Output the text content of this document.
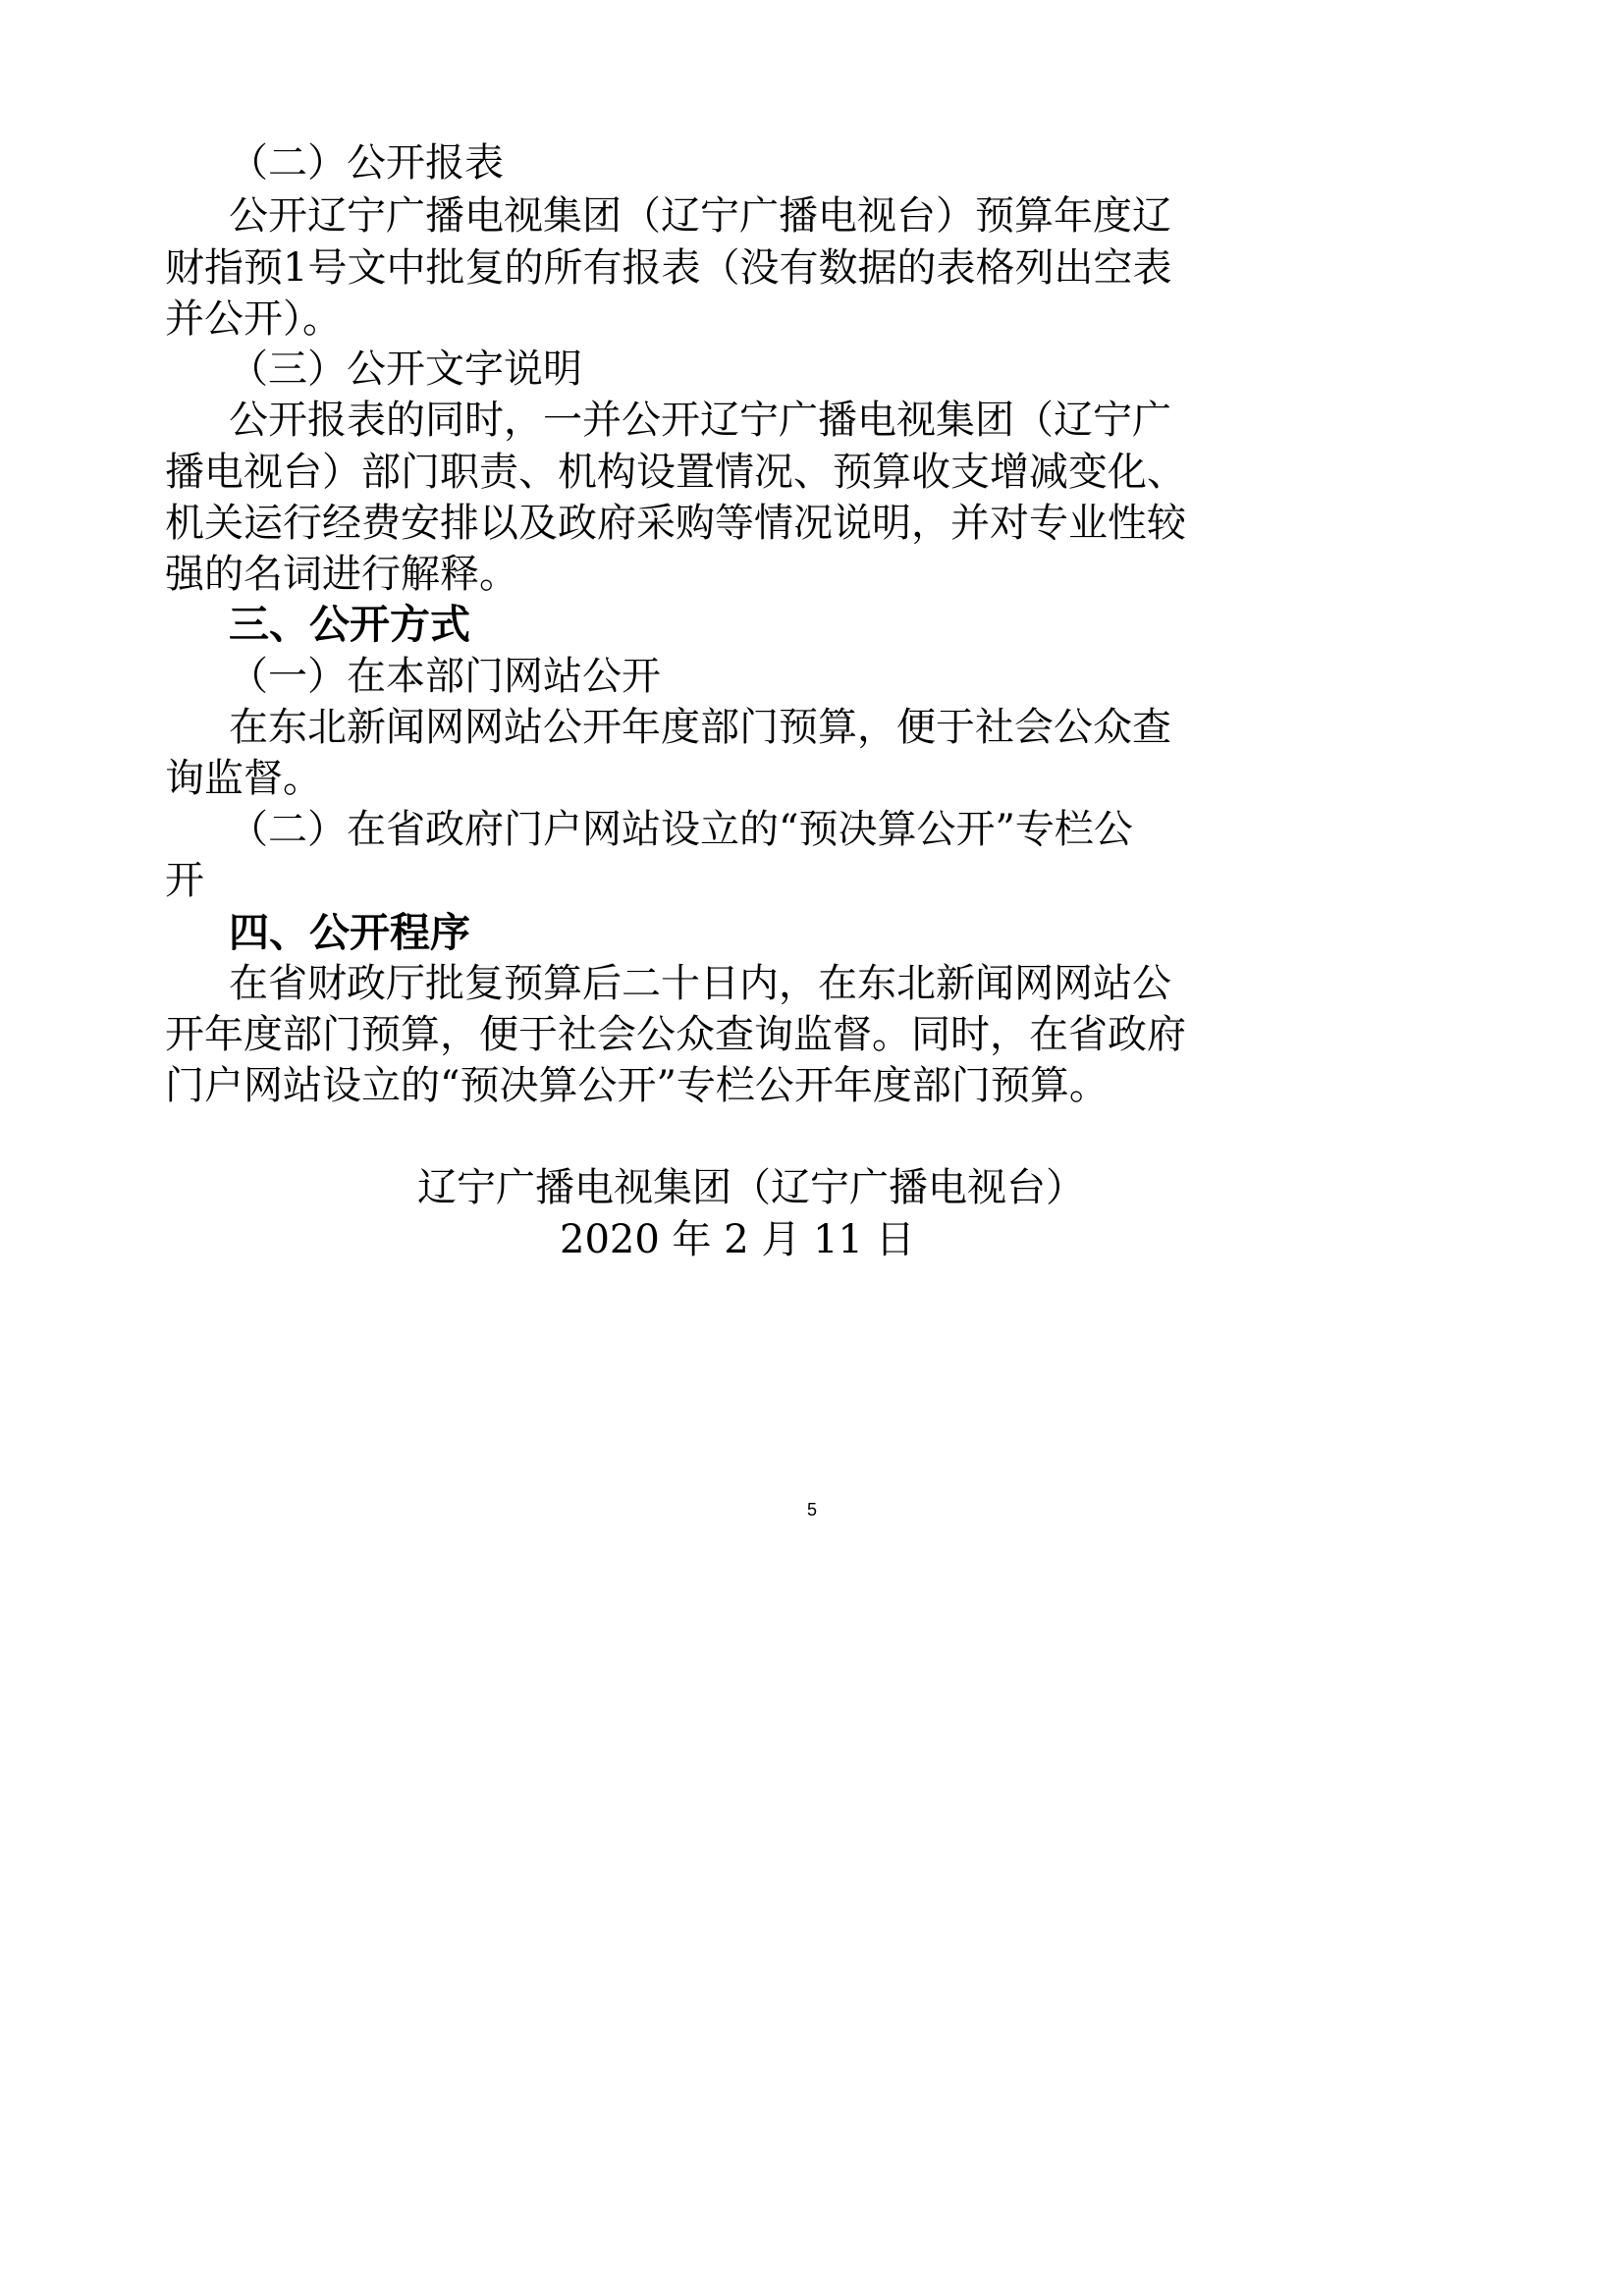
（二）公开报表
公 开 辽 宁 广 播 电 视 集 团 （ 辽 宁 广 播 电 视 台 ） 预 算 年 度 辽
财 指 预 1 号 文 中 批 复 的 所 有 报 表 （ 没 有 数 据 的 表 格 列 出 空 表
并公开）。
（三）公开文字说明
公 开 报 表 的 同 时 ， 一 并 公 开 辽 宁 广 播 电 视 集 团 （ 辽 宁 广
播 电 视 台 ） 部 门 职 责 、 机 构 设 置 情 况 、 预 算 收 支 增 减 变 化 、
机 关 运 行 经 费 安 排 以 及 政 府 采 购 等 情 况 说 明 ， 并 对 专 业 性 较
强的名词进行解释。
三、公开方式
（一）在本部门网站公开
在 东 北 新 闻 网 网 站 公 开 年 度 部 门 预 算 ， 便 于 社 会 公 众 查
询监督。
（ 二 ） 在 省 政 府 门 户 网 站 设 立 的 “ 预 决 算 公 开 ” 专 栏 公
开
四、公开程序
在 省 财 政 厅 批 复 预 算 后 二 十 日 内 ， 在 东 北 新 闻 网 网 站 公
开 年 度 部 门 预 算 ， 便 于 社 会 公 众 查 询 监 督 。 同 时 ， 在 省 政 府
门户网站设立的“预决算公开”专栏公开年度部门预算。
辽宁广播电视集团（辽宁广播电视台）
2020 年 2 月 11 日
5
